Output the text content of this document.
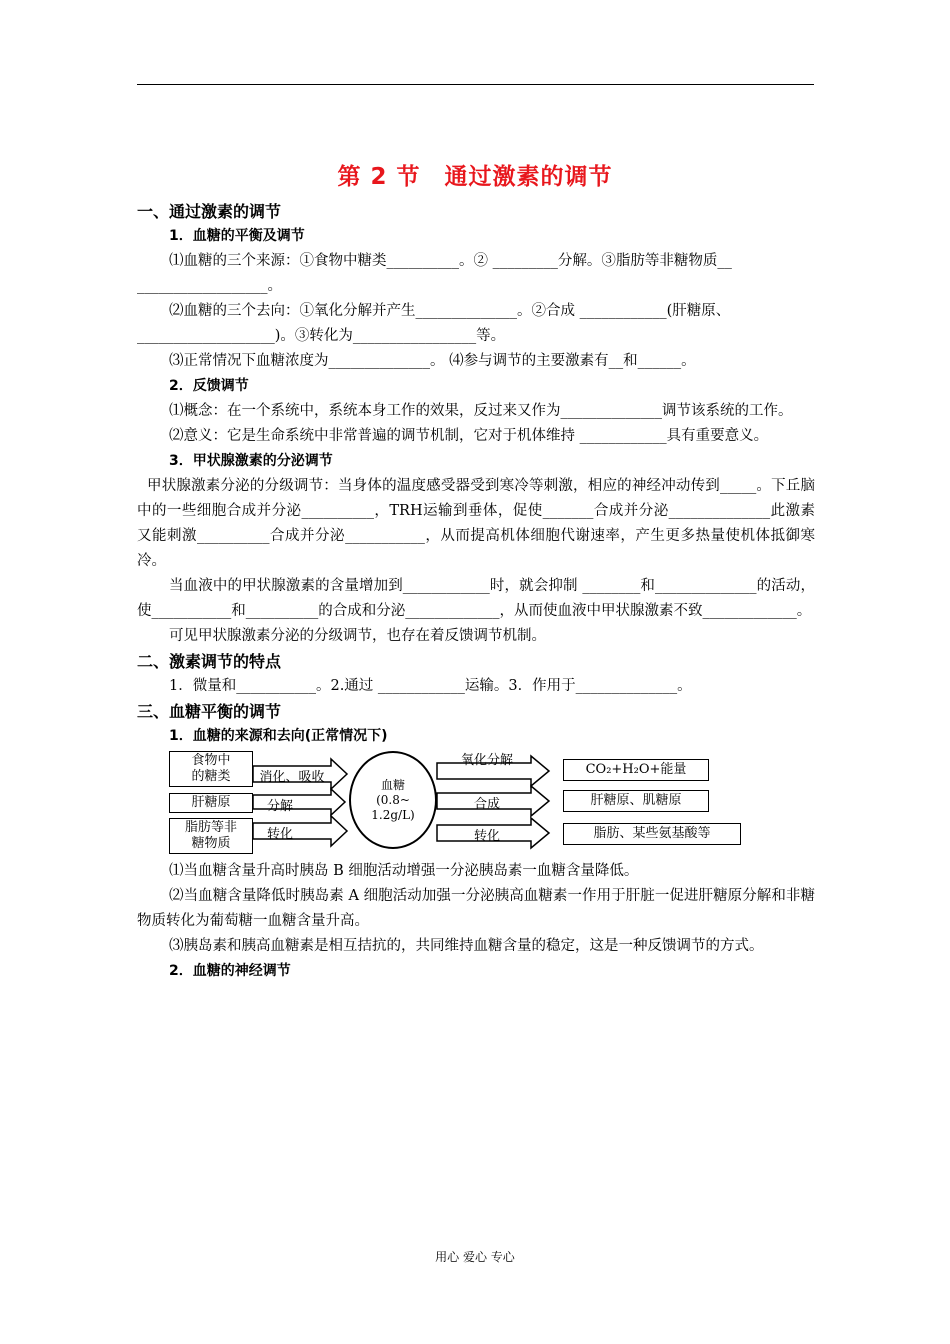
第 2 节　通过激素的调节
一、通过激素的调节
1．血糖的平衡及调节

⑴血糖的三个来源：①食物中糖类__________。② _________分解。③脂肪等非糖物质__

__________________。

⑵血糖的三个去向：①氧化分解并产生______________。②合成 ____________(肝糖原、

___________________)。③转化为_________________等。

⑶正常情况下血糖浓度为______________。 ⑷参与调节的主要激素有__和______。

2．反馈调节

⑴概念：在一个系统中，系统本身工作的效果，反过来又作为______________调节该系统的工作。

⑵意义：它是生命系统中非常普遍的调节机制，它对于机体维持 ____________具有重要意义。

3．甲状腺激素的分泌调节

甲状腺激素分泌的分级调节：当身体的温度感受器受到寒冷等刺激，相应的神经冲动传到_____。下丘脑中的一些细胞合成并分泌__________，TRH运输到垂体，促使_______合成并分泌______________此激素 又能刺激__________合成并分泌___________，从而提高机体细胞代谢速率，产生更多热量使机体抵御寒冷。

当血液中的甲状腺激素的含量增加到____________时，就会抑制 ________和______________的活动，使___________和__________的合成和分泌_____________，从而使血液中甲状腺激素不致_____________。

可见甲状腺激素分泌的分级调节，也存在着反馈调节机制。

二、激素调节的特点

1．微量和___________。2.通过 ____________运输。3．作用于______________。

三、血糖平衡的调节
1．血糖的来源和去向(正常情况下)
食物中
的糖类	消化、吸收
肝糖原	分解
脂肪等非
糖物质
转化
血糖
(0.8~
1.2g/L)
氧化分解
CO₂+H₂O+能量
合成	肝糖原、肌糖原
转化	脂肪、某些氨基酸等

⑴当血糖含量升高时胰岛 B 细胞活动增强一分泌胰岛素一血糖含量降低。

⑵当血糖含量降低时胰岛素 A 细胞活动加强一分泌胰高血糖素一作用于肝脏一促进肝糖原分解和非糖物质转化为葡萄糖一血糖含量升高。

⑶胰岛素和胰高血糖素是相互拮抗的，共同维持血糖含量的稳定，这是一种反馈调节的方式。

2．血糖的神经调节
用心 爱心 专心
